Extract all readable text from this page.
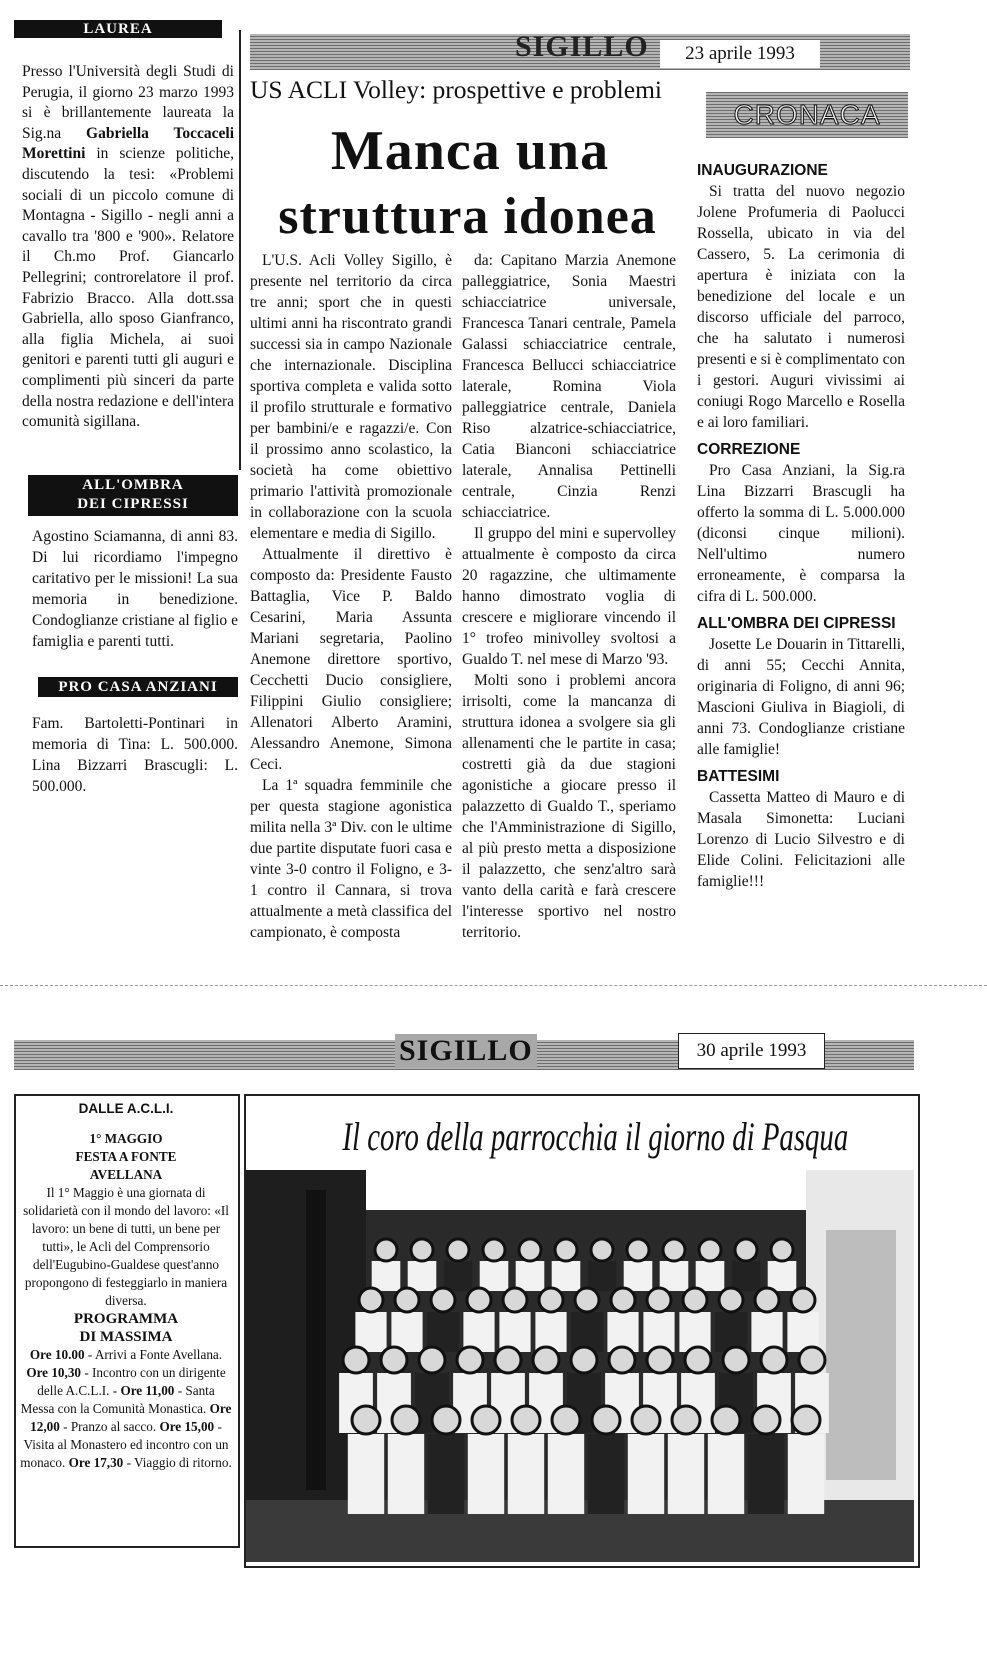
LAUREA
Presso l'Università degli Studi di Perugia, il giorno 23 marzo 1993 si è brillantemente laureata la Sig.na Gabriella Toccaceli Morettini in scienze politiche, discutendo la tesi: «Problemi sociali di un piccolo comune di Montagna - Sigillo - negli anni a cavallo tra '800 e '900». Relatore il Ch.mo Prof. Giancarlo Pellegrini; controrelatore il prof. Fabrizio Bracco. Alla dott.ssa Gabriella, allo sposo Gianfranco, alla figlia Michela, ai suoi genitori e parenti tutti gli auguri e complimenti più sinceri da parte della nostra redazione e dell'intera comunità sigillana.
ALL'OMBRA
DEI CIPRESSI
Agostino Sciamanna, di anni 83. Di lui ricordiamo l'impegno caritativo per le missioni! La sua memoria in benedizione. Condoglianze cristiane al figlio e famiglia e parenti tutti.
PRO CASA ANZIANI
Fam. Bartoletti-Pontinari in memoria di Tina: L. 500.000. Lina Bizzarri Brascugli: L. 500.000.
SIGILLO	23 aprile 1993
CRONACA
US ACLI Volley: prospettive e problemi
Manca una
struttura idonea

L'U.S. Acli Volley Sigillo, è presente nel territorio da circa tre anni; sport che in questi ultimi anni ha riscontrato grandi successi sia in campo Nazionale che internazionale. Disciplina sportiva completa e valida sotto il profilo strutturale e formativo per bambini/e e ragazzi/e. Con il prossimo anno scolastico, la società ha come obiettivo primario l'attività promozionale in collaborazione con la scuola elementare e media di Sigillo.

Attualmente il direttivo è composto da: Presidente Fausto Battaglia, Vice P. Baldo Cesarini, Maria Assunta Mariani segretaria, Paolino Anemone direttore sportivo, Cecchetti Ducio consigliere, Filippini Giulio consigliere; Allenatori Alberto Aramini, Alessandro Anemone, Simona Ceci.

La 1ª squadra femminile che per questa stagione agonistica milita nella 3ª Div. con le ultime due partite disputate fuori casa e vinte 3-0 contro il Foligno, e 3-1 contro il Cannara, si trova attualmente a metà classifica del campionato, è composta

da: Capitano Marzia Anemone palleggiatrice, Sonia Maestri schiacciatrice universale, Francesca Tanari centrale, Pamela Galassi schiacciatrice centrale, Francesca Bellucci schiacciatrice laterale, Romina Viola palleggiatrice centrale, Daniela Riso alzatrice-schiacciatrice, Catia Bianconi schiacciatrice laterale, Annalisa Pettinelli centrale, Cinzia Renzi schiacciatrice.

Il gruppo del mini e supervolley attualmente è composto da circa 20 ragazzine, che ultimamente hanno dimostrato voglia di crescere e migliorare vincendo il 1° trofeo minivolley svoltosi a Gualdo T. nel mese di Marzo '93.

Molti sono i problemi ancora irrisolti, come la mancanza di struttura idonea a svolgere sia gli allenamenti che le partite in casa; costretti già da due stagioni agonistiche a giocare presso il palazzetto di Gualdo T., speriamo che l'Amministrazione di Sigillo, al più presto metta a disposizione il palazzetto, che senz'altro sarà vanto della carità e farà crescere l'interesse sportivo nel nostro territorio.

INAUGURAZIONE
Si tratta del nuovo negozio Jolene Profumeria di Paolucci Rossella, ubicato in via del Cassero, 5. La cerimonia di apertura è iniziata con la benedizione del locale e un discorso ufficiale del parroco, che ha salutato i numerosi presenti e si è complimentato con i gestori. Auguri vivissimi ai coniugi Rogo Marcello e Rosella e ai loro familiari.
CORREZIONE
Pro Casa Anziani, la Sig.ra Lina Bizzarri Brascugli ha offerto la somma di L. 5.000.000 (diconsi cinque milioni). Nell'ultimo numero erroneamente, è comparsa la cifra di L. 500.000.
ALL'OMBRA DEI CIPRESSI
Josette Le Douarin in Tittarelli, di anni 55; Cecchi Annita, originaria di Foligno, di anni 96; Mascioni Giuliva in Biagioli, di anni 73. Condoglianze cristiane alle famiglie!
BATTESIMI
Cassetta Matteo di Mauro e di Masala Simonetta: Luciani Lorenzo di Lucio Silvestro e di Elide Colini. Felicitazioni alle famiglie!!!
SIGILLO	30 aprile 1993
DALLE A.C.L.I.
1° MAGGIO
FESTA A FONTE
AVELLANA
Il 1° Maggio è una giornata di solidarietà con il mondo del lavoro: «Il lavoro: un bene di tutti, un bene per tutti», le Acli del Comprensorio dell'Eugubino-Gualdese quest'anno propongono di festeggiarlo in maniera diversa.
PROGRAMMA
DI MASSIMA
Ore 10.00 - Arrivi a Fonte Avellana. Ore 10,30 - Incontro con un dirigente delle A.C.L.I. - Ore 11,00 - Santa Messa con la Comunità Monastica. Ore 12,00 - Pranzo al sacco. Ore 15,00 - Visita al Monastero ed incontro con un monaco. Ore 17,30 - Viaggio di ritorno.
Il coro della parrocchia il giorno di Pasqua
